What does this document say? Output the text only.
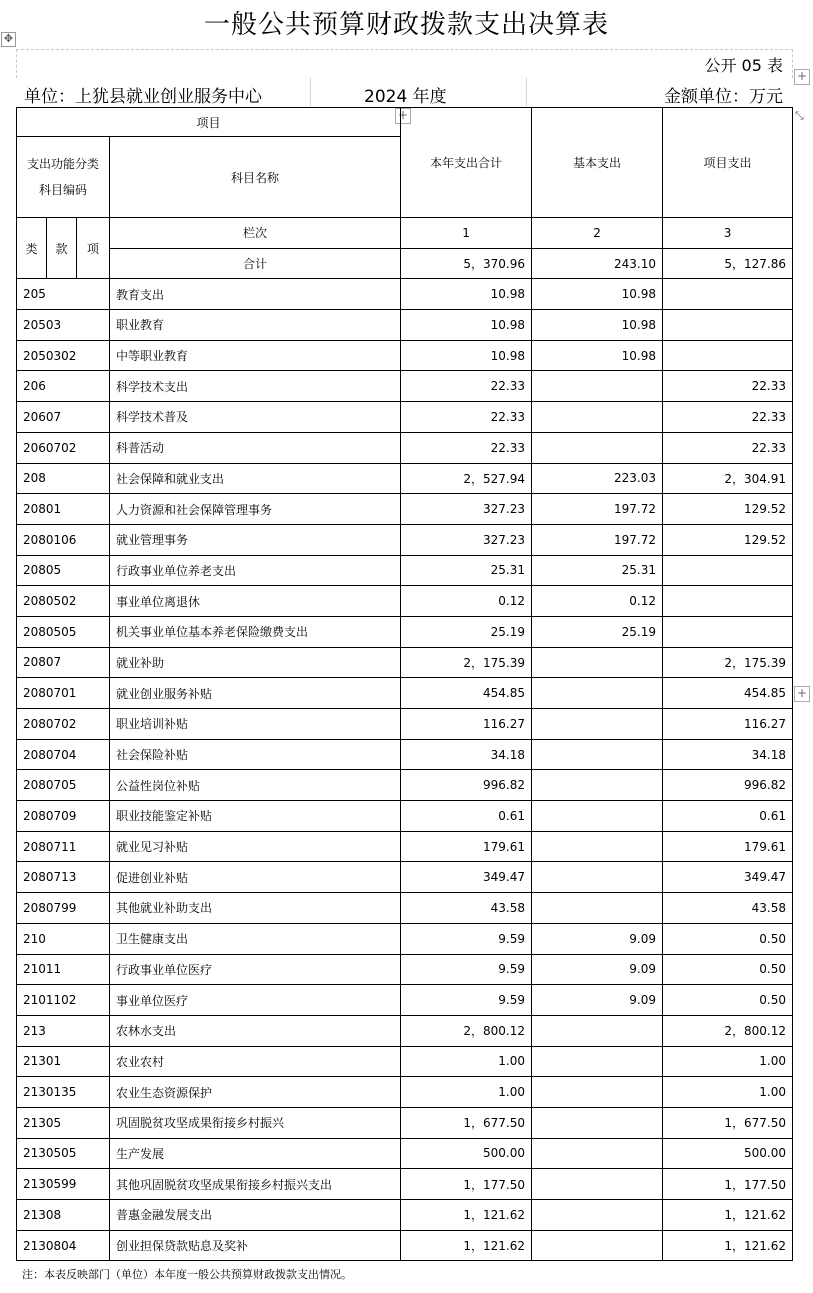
一般公共预算财政拨款支出决算表
✥
公开 05 表
+
单位：上犹县就业创业服务中心	2024 年度	金额单位：万元
⤡
+
+
项目				本年支出合计	基本支出	项目支出

支出功能分类
科目编码			科目名称			
类	款	项	栏次	1	2	3
			合计	5，370.96	243.10	5，127.86
205			教育支出	10.98	10.98	
20503			职业教育	10.98	10.98	
2050302			中等职业教育	10.98	10.98	
206			科学技术支出	22.33		22.33
20607			科学技术普及	22.33		22.33
2060702			科普活动	22.33		22.33
208			社会保障和就业支出	2，527.94	223.03	2，304.91
20801			人力资源和社会保障管理事务	327.23	197.72	129.52
2080106			就业管理事务	327.23	197.72	129.52
20805			行政事业单位养老支出	25.31	25.31	
2080502			事业单位离退休	0.12	0.12	
2080505			机关事业单位基本养老保险缴费支出	25.19	25.19	
20807			就业补助	2，175.39		2，175.39
2080701			就业创业服务补贴	454.85		454.85
2080702			职业培训补贴	116.27		116.27
2080704			社会保险补贴	34.18		34.18
2080705			公益性岗位补贴	996.82		996.82
2080709			职业技能鉴定补贴	0.61		0.61
2080711			就业见习补贴	179.61		179.61
2080713			促进创业补贴	349.47		349.47
2080799			其他就业补助支出	43.58		43.58
210			卫生健康支出	9.59	9.09	0.50
21011			行政事业单位医疗	9.59	9.09	0.50
2101102			事业单位医疗	9.59	9.09	0.50
213			农林水支出	2，800.12		2，800.12
21301			农业农村	1.00		1.00
2130135			农业生态资源保护	1.00		1.00
21305			巩固脱贫攻坚成果衔接乡村振兴	1，677.50		1，677.50
2130505			生产发展	500.00		500.00
2130599			其他巩固脱贫攻坚成果衔接乡村振兴支出	1，177.50		1，177.50
21308			普惠金融发展支出	1，121.62		1，121.62
2130804			创业担保贷款贴息及奖补	1，121.62		1，121.62
注：本表反映部门（单位）本年度一般公共预算财政拨款支出情况。
